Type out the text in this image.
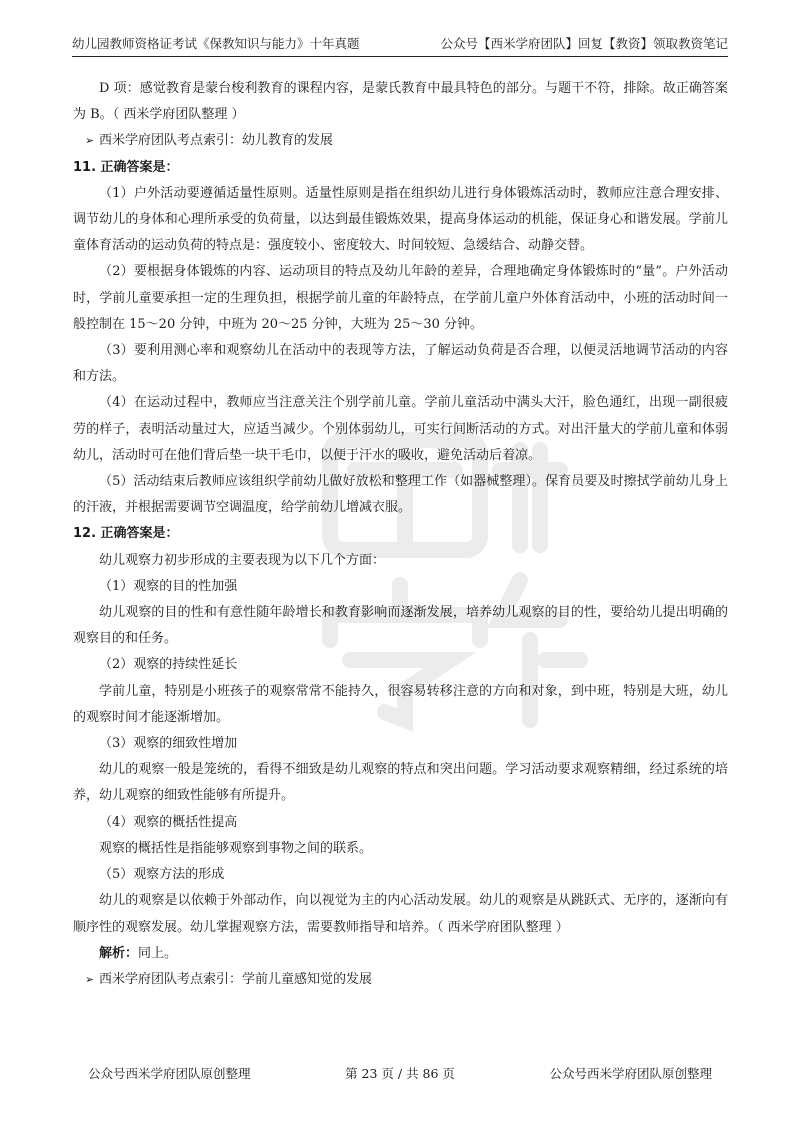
幼儿园教师资格证考试《保教知识与能力》十年真题	公众号【西米学府团队】回复【教资】领取教资笔记

D 项：感觉教育是蒙台梭利教育的课程内容，是蒙氏教育中最具特色的部分。与题干不符，排除。故正确答案为 B。（ 西米学府团队整理 ）

➢ 西米学府团队考点索引：幼儿教育的发展

11. 正确答案是：

（1）户外活动要遵循适量性原则。适量性原则是指在组织幼儿进行身体锻炼活动时，教师应注意合理安排、调节幼儿的身体和心理所承受的负荷量，以达到最佳锻炼效果，提高身体运动的机能，保证身心和谐发展。学前儿童体育活动的运动负荷的特点是：强度较小、密度较大、时间较短、急缓结合、动静交替。

（2）要根据身体锻炼的内容、运动项目的特点及幼儿年龄的差异，合理地确定身体锻炼时的“量”。户外活动时，学前儿童要承担一定的生理负担，根据学前儿童的年龄特点，在学前儿童户外体育活动中，小班的活动时间一般控制在 15～20 分钟，中班为 20～25 分钟，大班为 25～30 分钟。

（3）要利用测心率和观察幼儿在活动中的表现等方法，了解运动负荷是否合理，以便灵活地调节活动的内容和方法。

（4）在运动过程中，教师应当注意关注个别学前儿童。学前儿童活动中满头大汗，脸色通红，出现一副很疲劳的样子，表明活动量过大，应适当减少。个别体弱幼儿，可实行间断活动的方式。对出汗量大的学前儿童和体弱幼儿，活动时可在他们背后垫一块干毛巾，以便于汗水的吸收，避免活动后着凉。

（5）活动结束后教师应该组织学前幼儿做好放松和整理工作（如器械整理）。保育员要及时擦拭学前幼儿身上的汗液，并根据需要调节空调温度，给学前幼儿增减衣服。

12. 正确答案是：

幼儿观察力初步形成的主要表现为以下几个方面：

（1）观察的目的性加强

幼儿观察的目的性和有意性随年龄增长和教育影响而逐渐发展，培养幼儿观察的目的性，要给幼儿提出明确的观察目的和任务。

（2）观察的持续性延长

学前儿童，特别是小班孩子的观察常常不能持久，很容易转移注意的方向和对象，到中班，特别是大班，幼儿的观察时间才能逐渐增加。

（3）观察的细致性增加

幼儿的观察一般是笼统的，看得不细致是幼儿观察的特点和突出问题。学习活动要求观察精细，经过系统的培养，幼儿观察的细致性能够有所提升。

（4）观察的概括性提高

观察的概括性是指能够观察到事物之间的联系。

（5）观察方法的形成

幼儿的观察是以依赖于外部动作，向以视觉为主的内心活动发展。幼儿的观察是从跳跃式、无序的，逐渐向有顺序性的观察发展。幼儿掌握观察方法，需要教师指导和培养。（ 西米学府团队整理 ）

解析：同上。

➢ 西米学府团队考点索引：学前儿童感知觉的发展

公众号西米学府团队原创整理	第 23 页 / 共 86 页	公众号西米学府团队原创整理
